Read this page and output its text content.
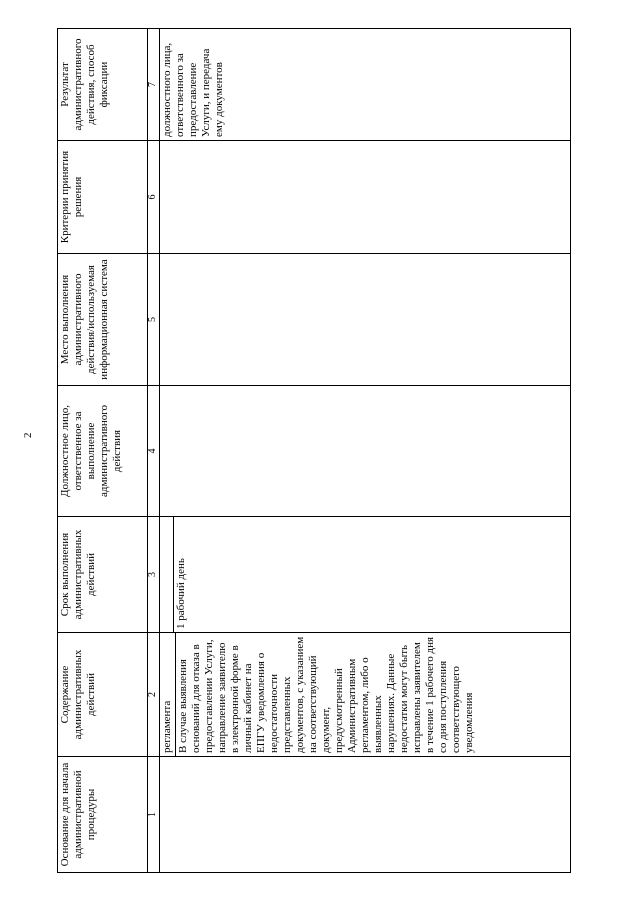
2
Основание для начала административной процедуры	Содержание административных действий	Срок выполнения административных действий	Должностное лицо, ответственное за выполнение административного действия	Место выполнения административного действия/используемая информационная система	Критерии принятия решения	Результат административного действия, способ фиксации
1	2	3	4	5	6	7

	регламента В случае выявления оснований для отказа в предоставлении Услуги, направление заявителю в электронной форме в личный кабинет на ЕПГУ уведомления о недостаточности представленных документов, с указанием на соответствующий документ, предусмотренный Административным регламентом, либо о выявленных нарушениях. Данные недостатки могут быть исправлены заявителем в течение 1 рабочего дня со дня поступления соответствующего уведомления	1 рабочий день				должностного лица, ответственного за предоставление Услуги, и передача ему документов
